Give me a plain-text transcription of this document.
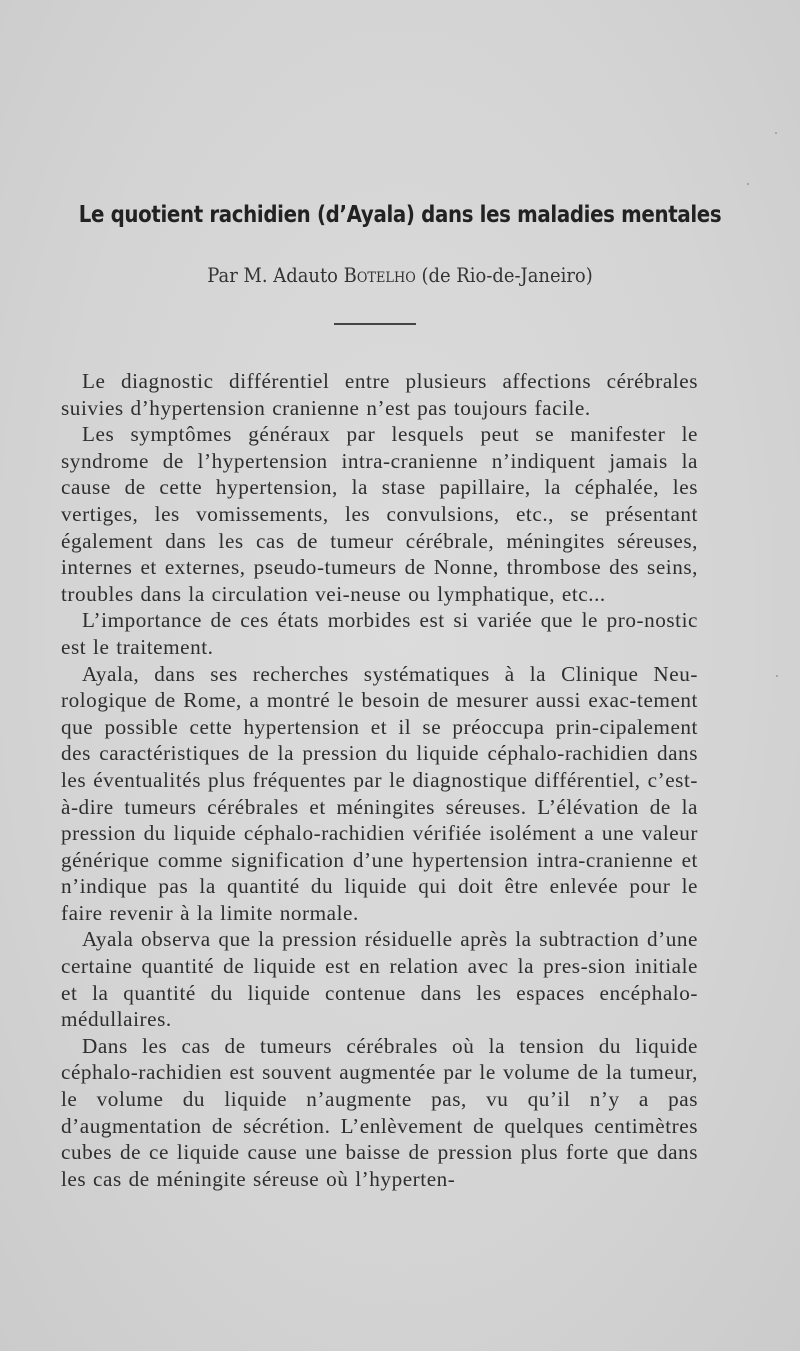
Le quotient rachidien (d’Ayala) dans les maladies mentales
Par M. Adauto Botelho (de Rio-de-Janeiro)

Le diagnostic différentiel entre plusieurs affections cérébrales suivies d’hypertension cranienne n’est pas toujours facile.

Les symptômes généraux par lesquels peut se manifester le syndrome de l’hypertension intra-cranienne n’indiquent jamais la cause de cette hypertension, la stase papillaire, la céphalée, les vertiges, les vomissements, les convulsions, etc., se présentant également dans les cas de tumeur cérébrale, méningites séreuses, internes et externes, pseudo-tumeurs de Nonne, thrombose des seins, troubles dans la circulation vei-neuse ou lymphatique, etc...

L’importance de ces états morbides est si variée que le pro-nostic est le traitement.

Ayala, dans ses recherches systématiques à la Clinique Neu-rologique de Rome, a montré le besoin de mesurer aussi exac-tement que possible cette hypertension et il se préoccupa prin-cipalement des caractéristiques de la pression du liquide céphalo-rachidien dans les éventualités plus fréquentes par le diagnostique différentiel, c’est-à-dire tumeurs cérébrales et méningites séreuses. L’élévation de la pression du liquide céphalo-rachidien vérifiée isolément a une valeur générique comme signification d’une hypertension intra-cranienne et n’indique pas la quantité du liquide qui doit être enlevée pour le faire revenir à la limite normale.

Ayala observa que la pression résiduelle après la subtraction d’une certaine quantité de liquide est en relation avec la pres-sion initiale et la quantité du liquide contenue dans les espaces encéphalo-médullaires.

Dans les cas de tumeurs cérébrales où la tension du liquide céphalo-rachidien est souvent augmentée par le volume de la tumeur, le volume du liquide n’augmente pas, vu qu’il n’y a pas d’augmentation de sécrétion. L’enlèvement de quelques centimètres cubes de ce liquide cause une baisse de pression plus forte que dans les cas de méningite séreuse où l’hyperten-
